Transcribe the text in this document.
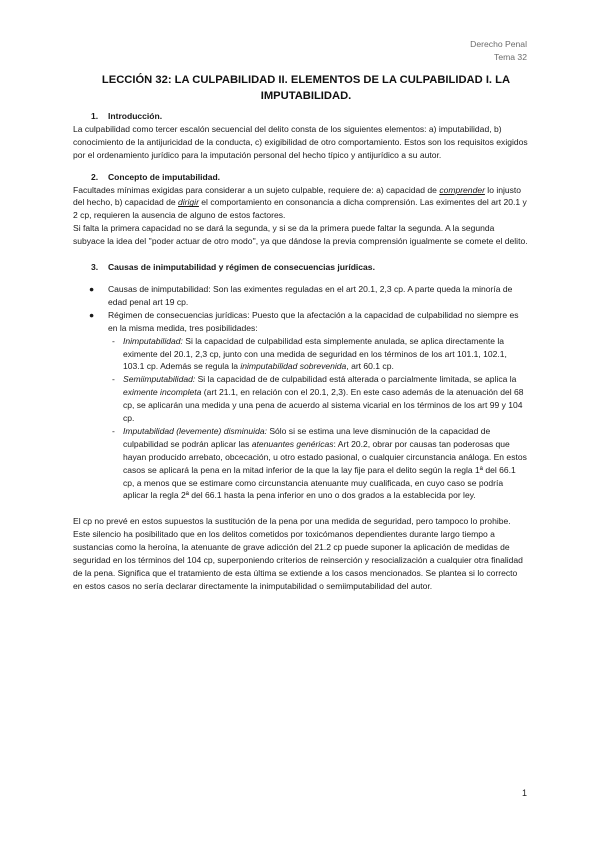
Derecho Penal
Tema 32
LECCIÓN 32: LA CULPABILIDAD II. ELEMENTOS DE LA CULPABILIDAD I. LA IMPUTABILIDAD.
1. Introducción.

La culpabilidad como tercer escalón secuencial del delito consta de los siguientes elementos: a) imputabilidad, b) conocimiento de la antijuricidad de la conducta, c) exigibilidad de otro comportamiento. Estos son los requisitos exigidos por el ordenamiento jurídico para la imputación personal del hecho típico y antijurídico a su autor.

2. Concepto de imputabilidad.

Facultades mínimas exigidas para considerar a un sujeto culpable, requiere de: a) capacidad de comprender lo injusto del hecho, b) capacidad de dirigir el comportamiento en consonancia a dicha comprensión. Las eximentes del art 20.1 y 2 cp, requieren la ausencia de alguno de estos factores.

Si falta la primera capacidad no se dará la segunda, y si se da la primera puede faltar la segunda. A la segunda subyace la idea del ''poder actuar de otro modo'', ya que dándose la previa comprensión igualmente se comete el delito.

3. Causas de inimputabilidad y régimen de consecuencias jurídicas.
● Causas de inimputabilidad: Son las eximentes reguladas en el art 20.1, 2,3 cp. A parte queda la minoría de edad penal art 19 cp.
● Régimen de consecuencias jurídicas: Puesto que la afectación a la capacidad de culpabilidad no siempre es en la misma medida, tres posibilidades:
- Inimputabilidad: Si la capacidad de culpabilidad esta simplemente anulada, se aplica directamente la eximente del 20.1, 2,3 cp, junto con una medida de seguridad en los términos de los art 101.1, 102.1, 103.1 cp. Además se regula la inimputabilidad sobrevenida, art 60.1 cp.
- Semiimputabilidad: Si la capacidad de de culpabilidad está alterada o parcialmente limitada, se aplica la eximente incompleta (art 21.1, en relación con el 20.1, 2,3). En este caso además de la atenuación del 68 cp, se aplicarán una medida y una pena de acuerdo al sistema vicarial en los términos de los art 99 y 104 cp.
- Imputabilidad (levemente) disminuida: Sólo si se estima una leve disminución de la capacidad de culpabilidad se podrán aplicar las atenuantes genéricas: Art 20.2, obrar por causas tan poderosas que hayan producido arrebato, obcecación, u otro estado pasional, o cualquier circunstancia análoga. En estos casos se aplicará la pena en la mitad inferior de la que la lay fije para el delito según la regla 1ª del 66.1 cp, a menos que se estimare como circunstancia atenuante muy cualificada, en cuyo caso se podría aplicar la regla 2ª del 66.1 hasta la pena inferior en uno o dos grados a la establecida por ley.

El cp no prevé en estos supuestos la sustitución de la pena por una medida de seguridad, pero tampoco lo prohibe. Este silencio ha posibilitado que en los delitos cometidos por toxicómanos dependientes durante largo tiempo a sustancias como la heroína, la atenuante de grave adicción del 21.2 cp puede suponer la aplicación de medidas de seguridad en los términos del 104 cp, superponiendo criterios de reinserción y resocialización a cualquier otra finalidad de la pena. Significa que el tratamiento de esta última se extiende a los casos mencionados. Se plantea si lo correcto en estos casos no sería declarar directamente la inimputabilidad o semiimputabilidad del autor.

1
